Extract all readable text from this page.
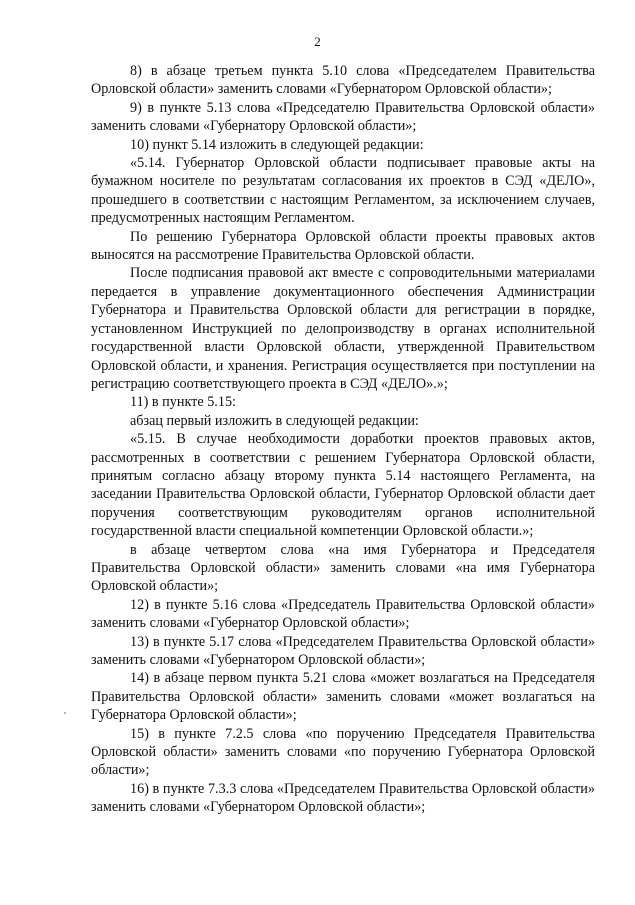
2

8) в абзаце третьем пункта 5.10 слова «Председателем Правительства Орловской области» заменить словами «Губернатором Орловской области»;

9) в пункте 5.13 слова «Председателю Правительства Орловской области» заменить словами «Губернатору Орловской области»;

10) пункт 5.14 изложить в следующей редакции:

«5.14. Губернатор Орловской области подписывает правовые акты на бумажном носителе по результатам согласования их проектов в СЭД «ДЕЛО», прошедшего в соответствии с настоящим Регламентом, за исключением случаев, предусмотренных настоящим Регламентом.

По решению Губернатора Орловской области проекты правовых актов выносятся на рассмотрение Правительства Орловской области.

После подписания правовой акт вместе с сопроводительными материалами передается в управление документационного обеспечения Администрации Губернатора и Правительства Орловской области для регистрации в порядке, установленном Инструкцией по делопроизводству в органах исполнительной государственной власти Орловской области, утвержденной Правительством Орловской области, и хранения. Регистрация осуществляется при поступлении на регистрацию соответствующего проекта в СЭД «ДЕЛО».»;

11) в пункте 5.15:

абзац первый изложить в следующей редакции:

«5.15. В случае необходимости доработки проектов правовых актов, рассмотренных в соответствии с решением Губернатора Орловской области, принятым согласно абзацу второму пункта 5.14 настоящего Регламента, на заседании Правительства Орловской области, Губернатор Орловской области дает поручения соответствующим руководителям органов исполнительной государственной власти специальной компетенции Орловской области.»;

в абзаце четвертом слова «на имя Губернатора и Председателя Правительства Орловской области» заменить словами «на имя Губернатора Орловской области»;

12) в пункте 5.16 слова «Председатель Правительства Орловской области» заменить словами «Губернатор Орловской области»;

13) в пункте 5.17 слова «Председателем Правительства Орловской области» заменить словами «Губернатором Орловской области»;

14) в абзаце первом пункта 5.21 слова «может возлагаться на Председателя Правительства Орловской области» заменить словами «может возлагаться на Губернатора Орловской области»;

15) в пункте 7.2.5 слова «по поручению Председателя Правительства Орловской области» заменить словами «по поручению Губернатора Орловской области»;

16) в пункте 7.3.3 слова «Председателем Правительства Орловской области» заменить словами «Губернатором Орловской области»;
